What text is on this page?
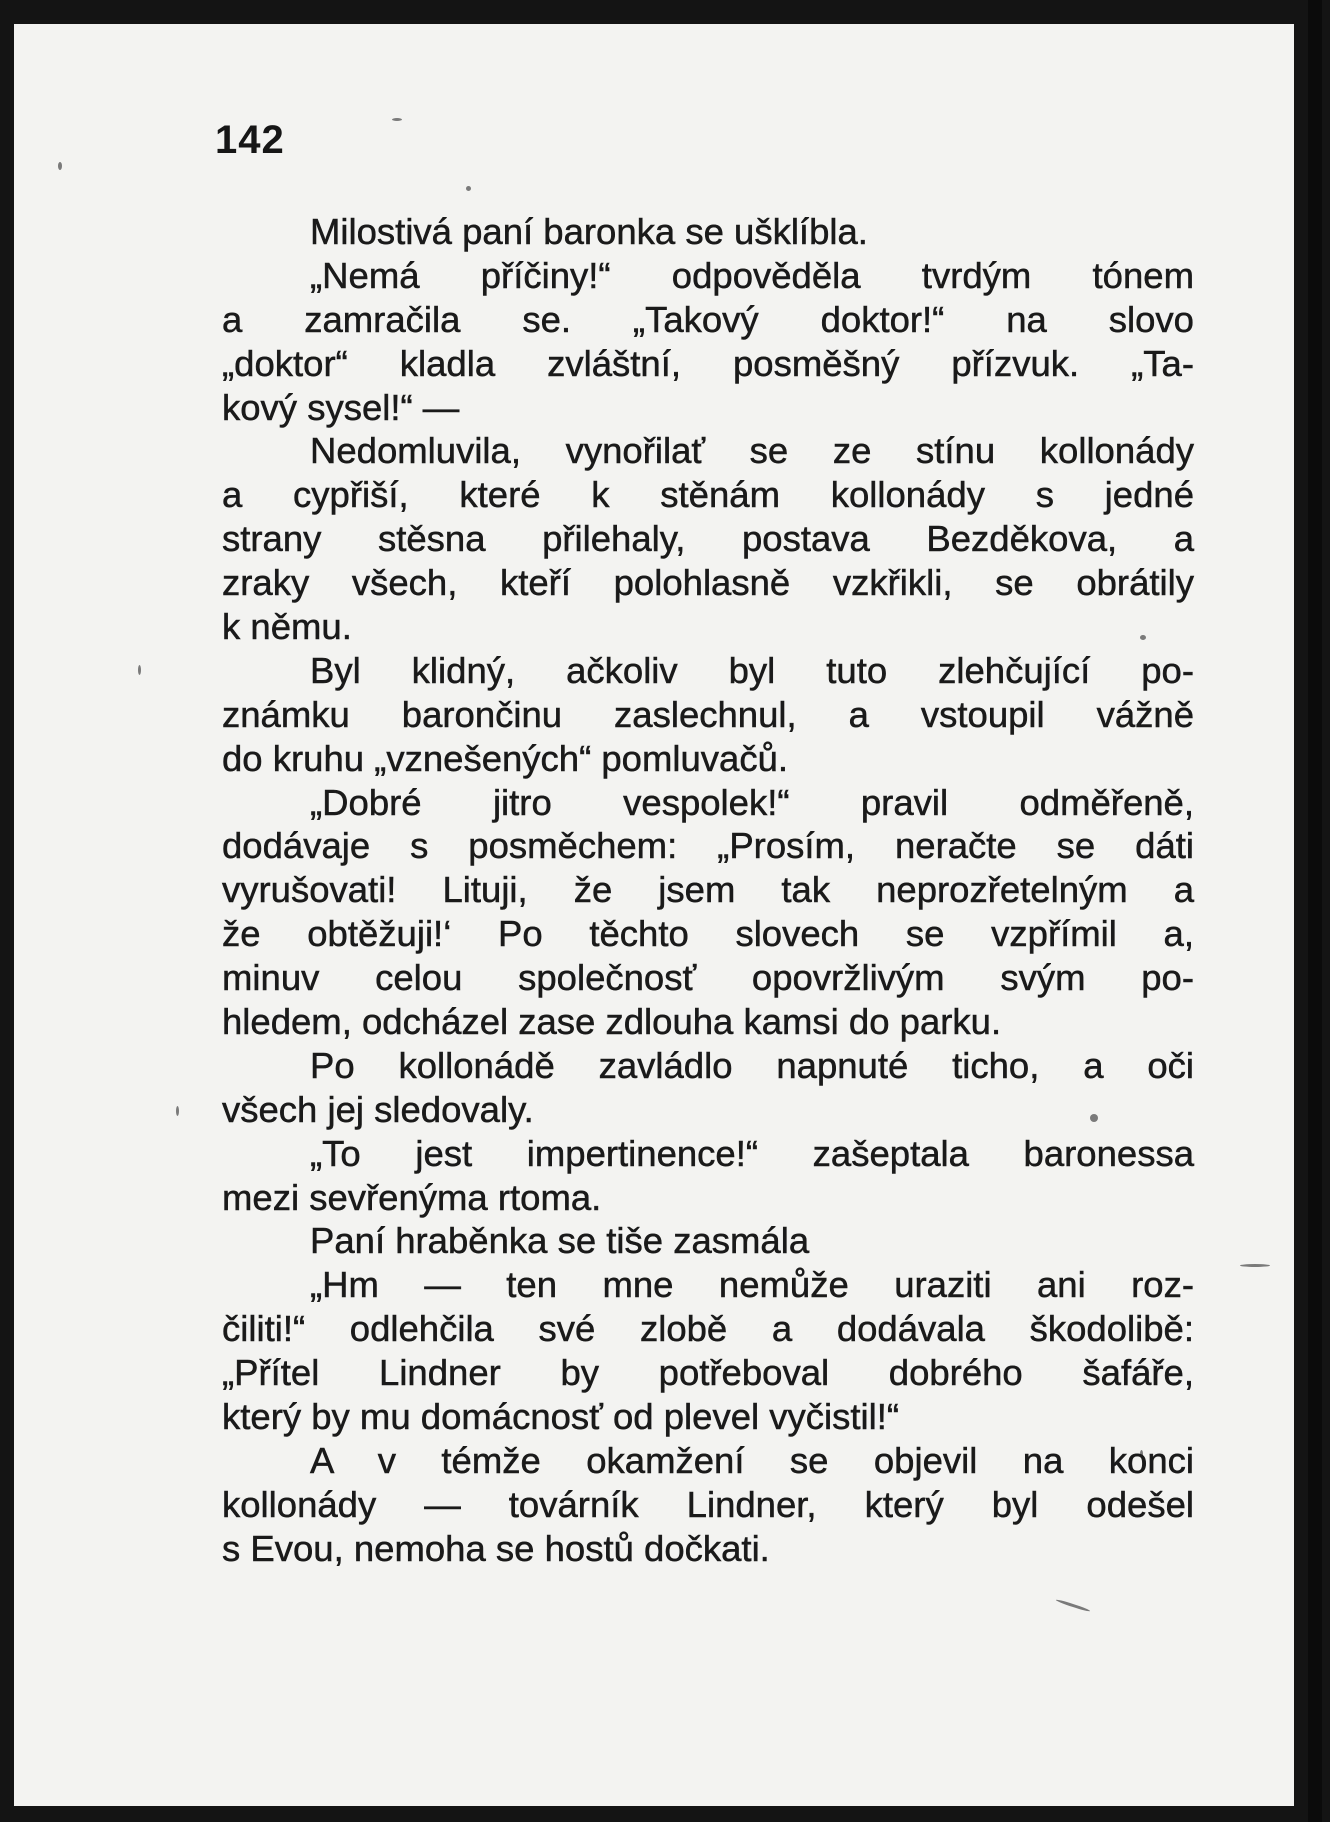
142
Milostivá paní baronka se ušklíbla.
„Nemá příčiny!“ odpověděla tvrdým tónem
a zamračila se. „Takový doktor!“ na slovo
„doktor“ kladla zvláštní, posměšný přízvuk. „Ta-
kový sysel!“ —
Nedomluvila, vynořilať se ze stínu kollonády
a cypřiší, které k stěnám kollonády s jedné
strany stěsna přilehaly, postava Bezděkova, a
zraky všech, kteří polohlasně vzkřikli, se obrátily
k němu.
Byl klidný, ačkoliv byl tuto zlehčující po-
známku barončinu zaslechnul, a vstoupil vážně
do kruhu „vznešených“ pomluvačů.
„Dobré jitro vespolek!“ pravil odměřeně,
dodávaje s posměchem: „Prosím, neračte se dáti
vyrušovati! Lituji, že jsem tak neprozřetelným a
že obtěžuji!‘ Po těchto slovech se vzpřímil a,
minuv celou společnosť opovržlivým svým po-
hledem, odcházel zase zdlouha kamsi do parku.
Po kollonádě zavládlo napnuté ticho, a oči
všech jej sledovaly.
„To jest impertinence!“ zašeptala baronessa
mezi sevřenýma rtoma.
Paní hraběnka se tiše zasmála
„Hm — ten mne nemůže uraziti ani roz-
čiliti!“ odlehčila své zlobě a dodávala škodolibě:
„Přítel Lindner by potřeboval dobrého šafáře,
který by mu domácnosť od plevel vyčistil!“
A v témže okamžení se objevil na konci
kollonády — továrník Lindner, který byl odešel
s Evou, nemoha se hostů dočkati.
